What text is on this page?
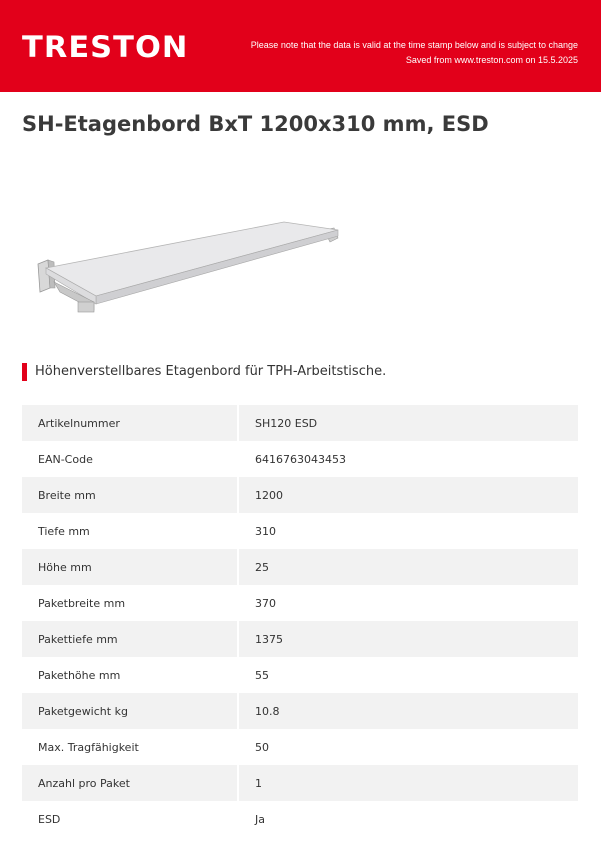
TRESTON	Please note that the data is valid at the time stamp below and is subject to change
Saved from www.treston.com on 15.5.2025
SH-Etagenbord BxT 1200x310 mm, ESD
Höhenverstellbares Etagenbord für TPH-Arbeitstische.
Artikelnummer	SH120 ESD
EAN-Code	6416763043453
Breite mm	1200
Tiefe mm	310
Höhe mm	25
Paketbreite mm	370
Pakettiefe mm	1375
Pakethöhe mm	55
Paketgewicht kg	10.8
Max. Tragfähigkeit	50
Anzahl pro Paket	1
ESD	Ja
